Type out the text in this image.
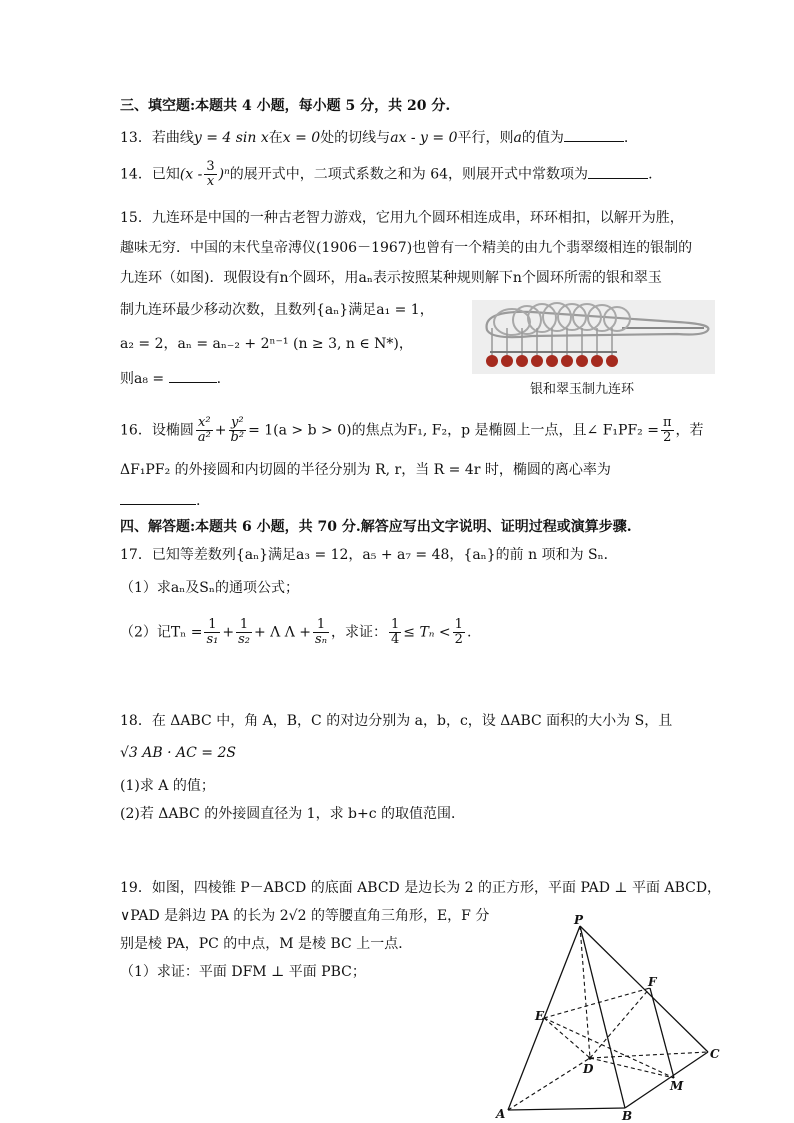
三、填空题:本题共 4 小题，每小题 5 分，共 20 分.
13．若曲线y = 4 sin x在x = 0处的切线与ax - y = 0平行，则a的值为	.
14．已知$(x - \frac{3}{x} )^n$的展开式中，二项式系数之和为 64，则展开式中常数项为	.
15．九连环是中国的一种古老智力游戏，它用九个圆环相连成串，环环相扣，以解开为胜，
趣味无穷．中国的末代皇帝溥仪(1906－1967)也曾有一个精美的由九个翡翠缀相连的银制的
九连环（如图)．现假设有n个圆环，用aₙ表示按照某种规则解下n个圆环所需的银和翠玉
制九连环最少移动次数，且数列{aₙ}满足a₁ = 1，
a₂ = 2，aₙ = aₙ₋₂ + 2ⁿ⁻¹ (n ≥ 3, n ∈ N*)，
则a₈ =	.
银和翠玉制九连环
16．设椭圆 $\frac{\text{x²}}{\text{a²}} + \frac{\text{y²}}{\text{b²}} = 1(a > b > 0)$的焦点为F₁, F₂，p 是椭圆上一点，且∠ $F_1PF_2 = \frac{\pi}{2}$ ，若
ΔF₁PF₂ 的外接圆和内切圆的半径分别为 R, r，当 R = 4r 时，椭圆的离心率为
.
四、解答题:本题共 6 小题，共 70 分.解答应写出文字说明、证明过程或演算步骤.
17．已知等差数列{aₙ}满足a₃ = 12，a₅ + a₇ = 48，{aₙ}的前 n 项和为 Sₙ．
（1）求aₙ及Sₙ的通项公式；
（2）记$T_n = \frac{1}{\text{s₁}} + \frac{1}{\text{s₂}} + \Lambda$ $\Lambda + \frac{1}{\text{sₙ}}$ ，求证： $\frac{1}{4} \le T_n < \frac{1}{2}$ .
18．在 ΔABC 中，角 A，B，C 的对边分别为 a，b，c，设 ΔABC 面积的大小为 S，且
√3 AB · AC = 2S
(1)求 A 的值；
(2)若 ΔABC 的外接圆直径为 1，求 b+c 的取值范围．
19．如图，四棱锥 P－ABCD 的底面 ABCD 是边长为 2 的正方形，平面 PAD ⊥ 平面 ABCD，
∨PAD 是斜边 PA 的长为 2√2 的等腰直角三角形，E，F 分
别是棱 PA，PC 的中点，M 是棱 BC 上一点．
（1）求证：平面 DFM ⊥ 平面 PBC；
P
F
E
C
D
M
A	B
